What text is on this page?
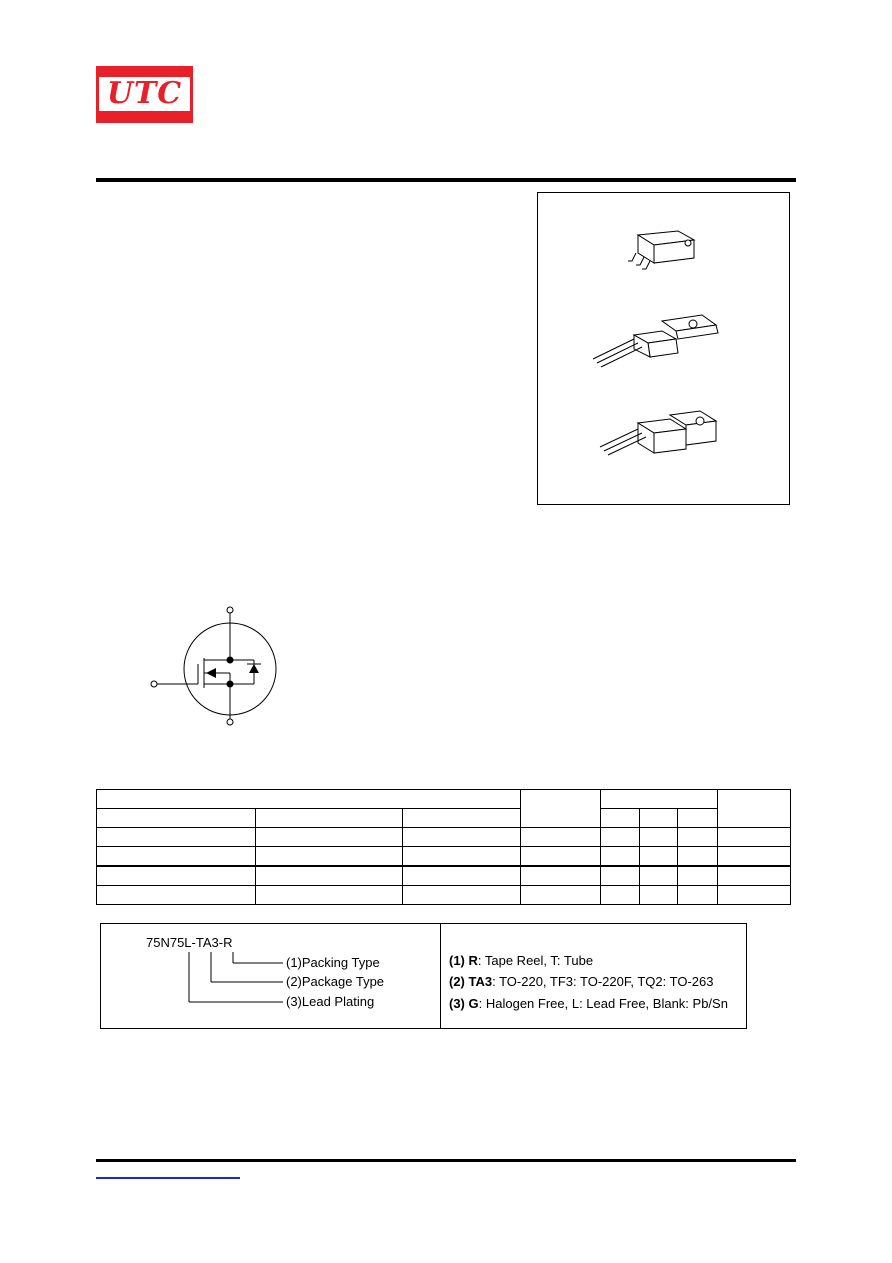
UTC

75N75L-TA3-R
(1)Packing Type
(2)Package Type
(3)Lead Plating
(1) R: Tape Reel, T: Tube
(2) TA3: TO-220, TF3: TO-220F, TQ2: TO-263
(3) G: Halogen Free, L: Lead Free, Blank: Pb/Sn
